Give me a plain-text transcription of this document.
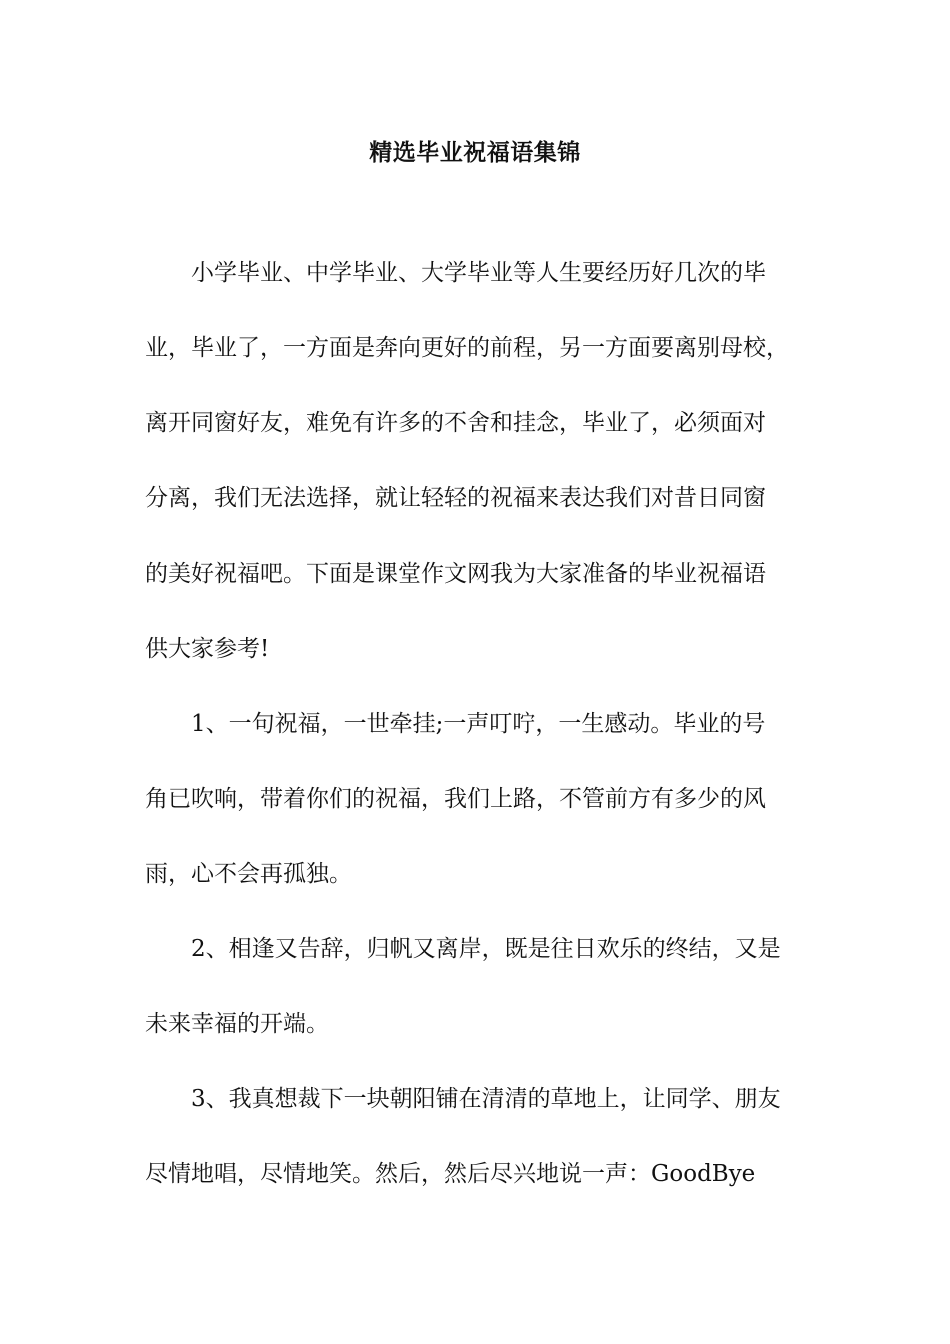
精选毕业祝福语集锦
　　小学毕业、中学毕业、大学毕业等人生要经历好几次的毕
业，毕业了，一方面是奔向更好的前程，另一方面要离别母校，
离开同窗好友，难免有许多的不舍和挂念，毕业了，必须面对
分离，我们无法选择，就让轻轻的祝福来表达我们对昔日同窗
的美好祝福吧。下面是课堂作文网我为大家准备的毕业祝福语
供大家参考!
　　1、一句祝福，一世牵挂;一声叮咛，一生感动。毕业的号
角已吹响，带着你们的祝福，我们上路，不管前方有多少的风
雨，心不会再孤独。
　　2、相逢又告辞，归帆又离岸，既是往日欢乐的终结，又是
未来幸福的开端。
　　3、我真想裁下一块朝阳铺在清清的草地上，让同学、朋友
尽情地唱，尽情地笑。然后，然后尽兴地说一声：GoodBye
